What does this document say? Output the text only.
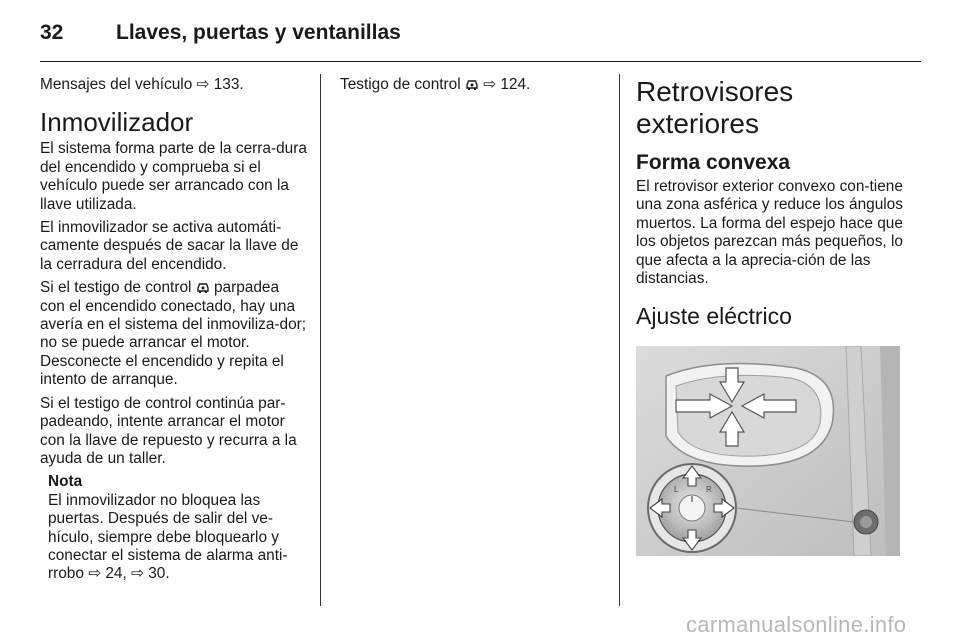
32	Llaves, puertas y ventanillas

Mensajes del vehículo ⇨ 133.

Inmovilizador

El sistema forma parte de la cerra-dura del encendido y comprueba si el vehículo puede ser arrancado con la llave utilizada.

El inmovilizador se activa automáti-camente después de sacar la llave de la cerradura del encendido.

Si el testigo de control parpadea con el encendido conectado, hay una avería en el sistema del inmoviliza-dor; no se puede arrancar el motor. Desconecte el encendido y repita el intento de arranque.

Si el testigo de control continúa par-padeando, intente arrancar el motor con la llave de repuesto y recurra a la ayuda de un taller.

Nota
El inmovilizador no bloquea las puertas. Después de salir del ve-hículo, siempre debe bloquearlo y conectar el sistema de alarma anti-rrobo ⇨ 24, ⇨ 30.

Testigo de control ⇨ 124.	Retrovisores exteriores
Forma convexa

El retrovisor exterior convexo con-tiene una zona asférica y reduce los ángulos muertos. La forma del espejo hace que los objetos parezcan más pequeños, lo que afecta a la aprecia-ción de las distancias.

Ajuste eléctrico
L	R
carmanualsonline.info
